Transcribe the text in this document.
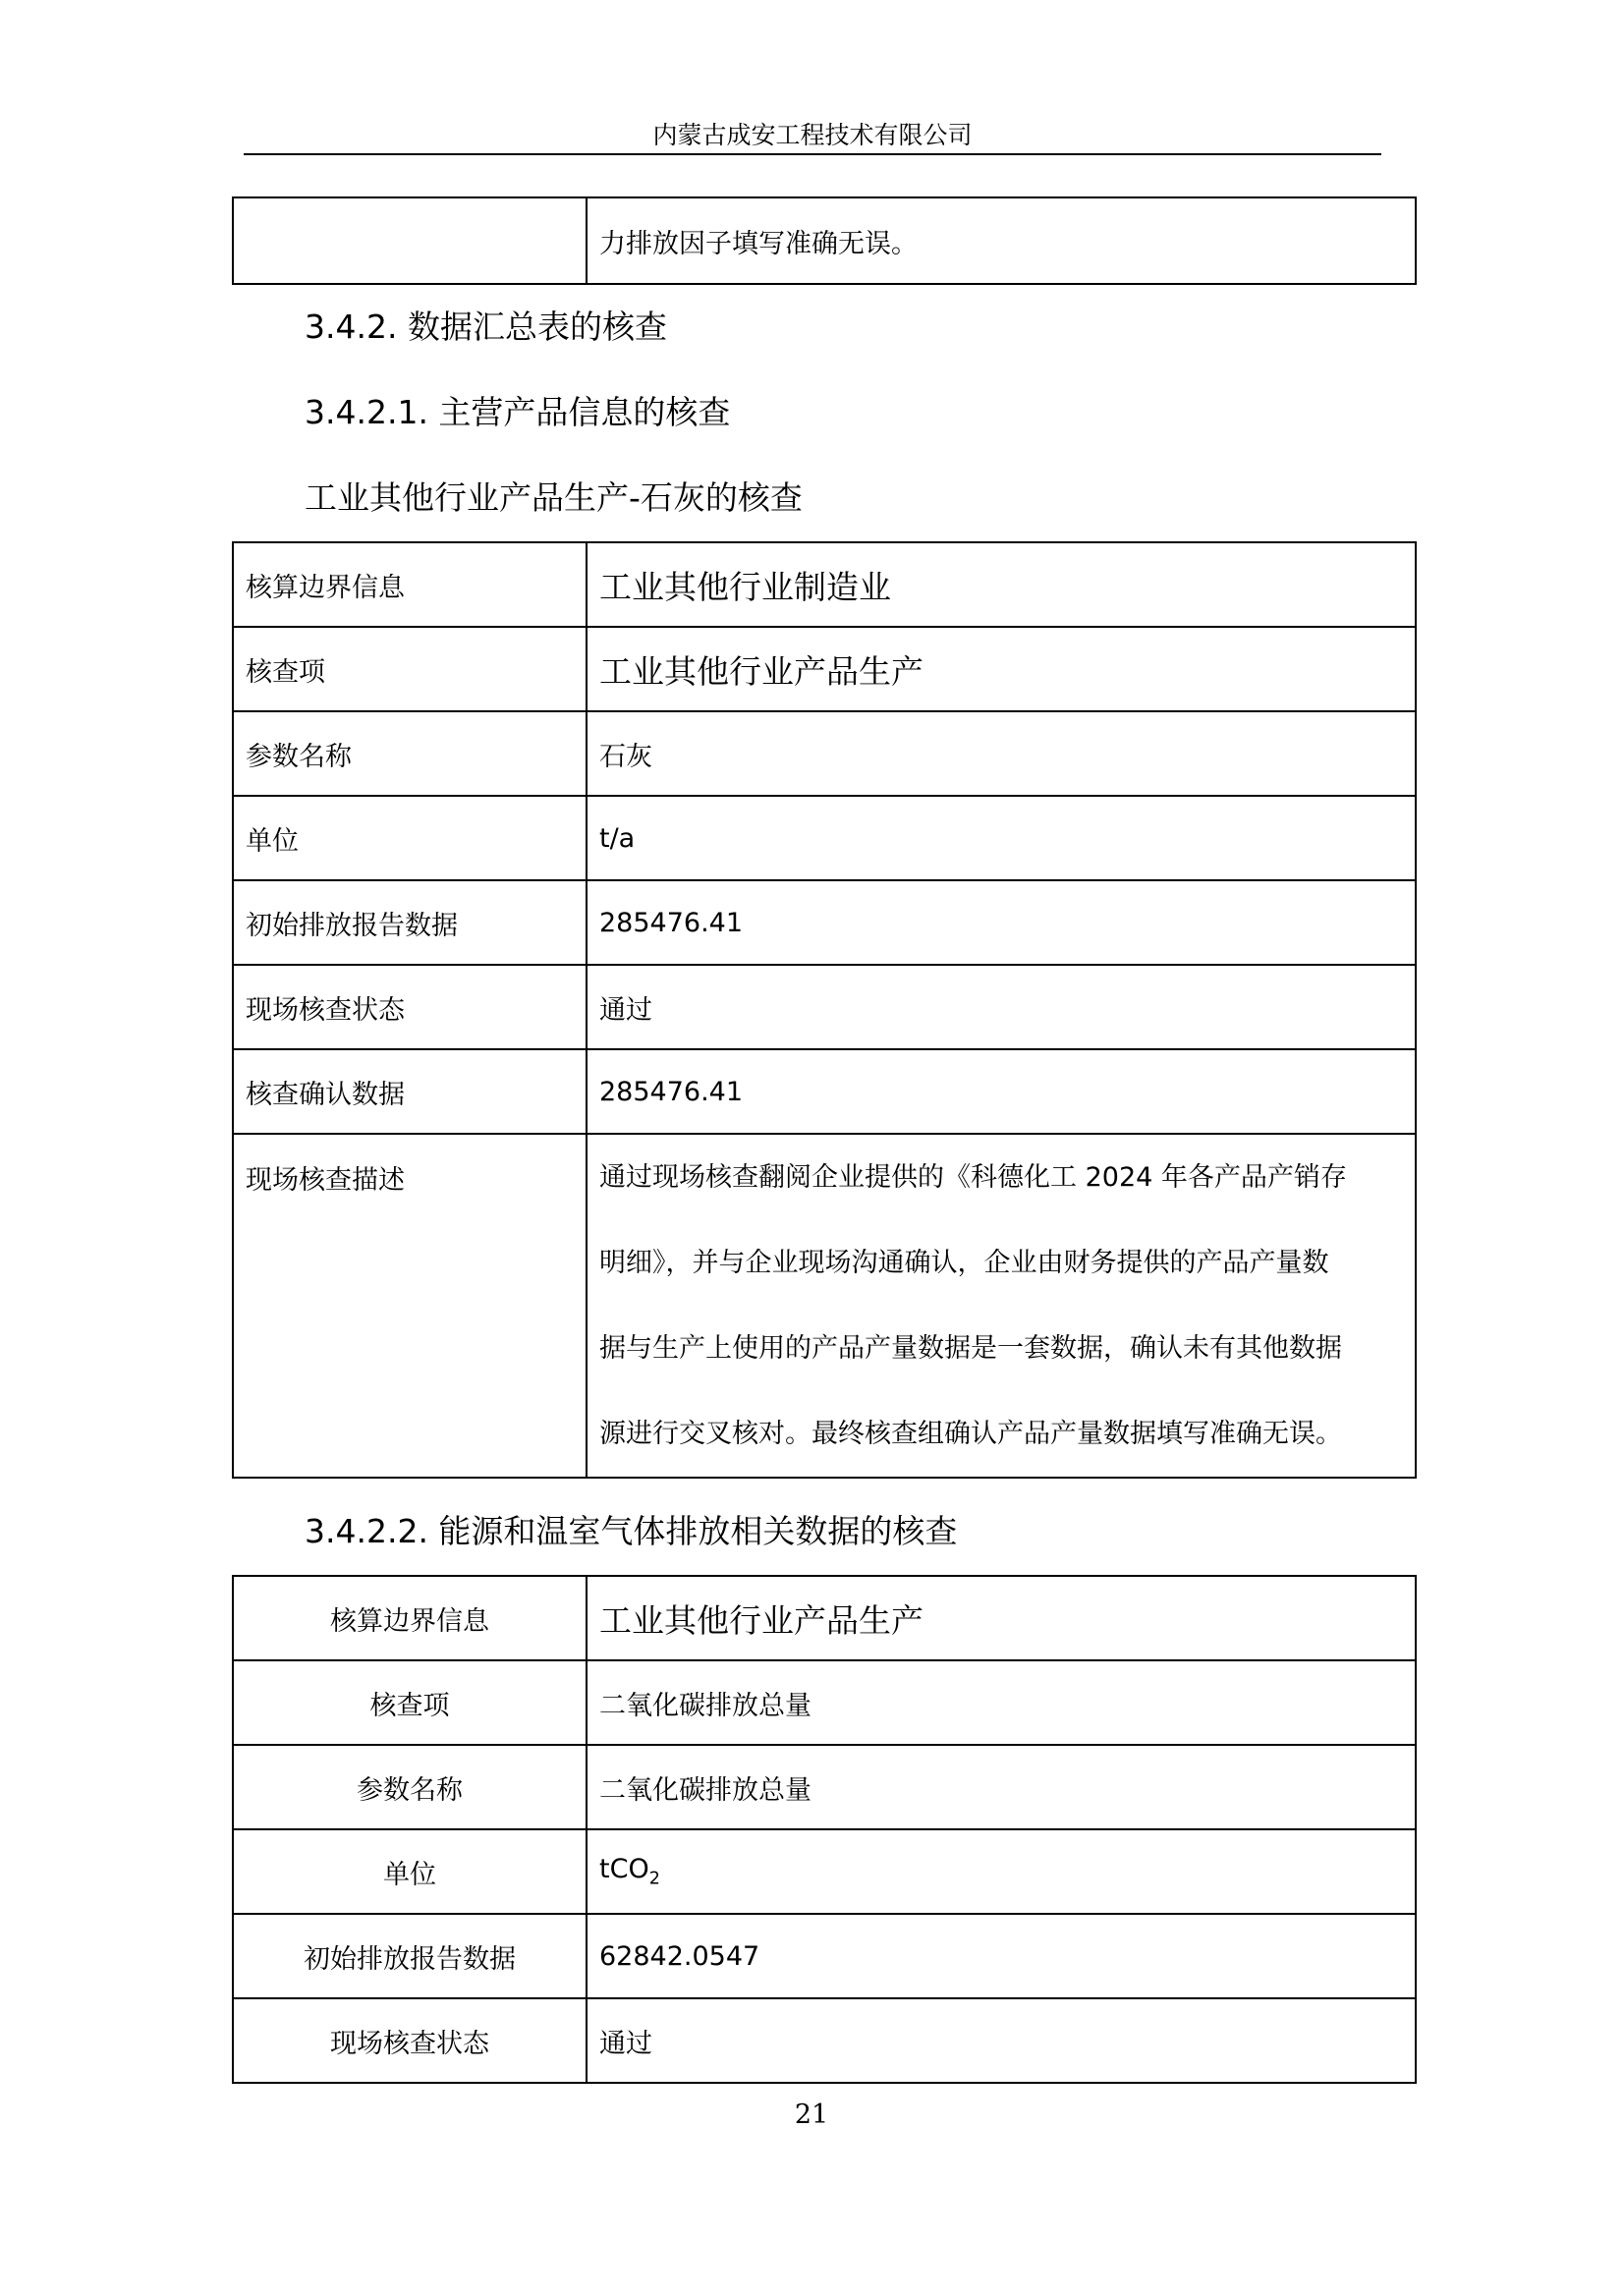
内蒙古成安工程技术有限公司
	力排放因子填写准确无误。
3.4.2. 数据汇总表的核查
3.4.2.1. 主营产品信息的核查
工业其他行业产品生产-石灰的核查
核算边界信息	工业其他行业制造业
核查项	工业其他行业产品生产
参数名称	石灰
单位	t/a
初始排放报告数据	285476.41
现场核查状态	通过
核查确认数据	285476.41
现场核查描述	通过现场核查翻阅企业提供的《科德化工 2024 年各产品产销存
明细》，并与企业现场沟通确认，企业由财务提供的产品产量数
据与生产上使用的产品产量数据是一套数据，确认未有其他数据
源进行交叉核对。最终核查组确认产品产量数据填写准确无误。
3.4.2.2. 能源和温室气体排放相关数据的核查
核算边界信息	工业其他行业产品生产
核查项	二氧化碳排放总量
参数名称	二氧化碳排放总量
单位	tCO$_2$
初始排放报告数据	62842.0547
现场核查状态	通过
21
